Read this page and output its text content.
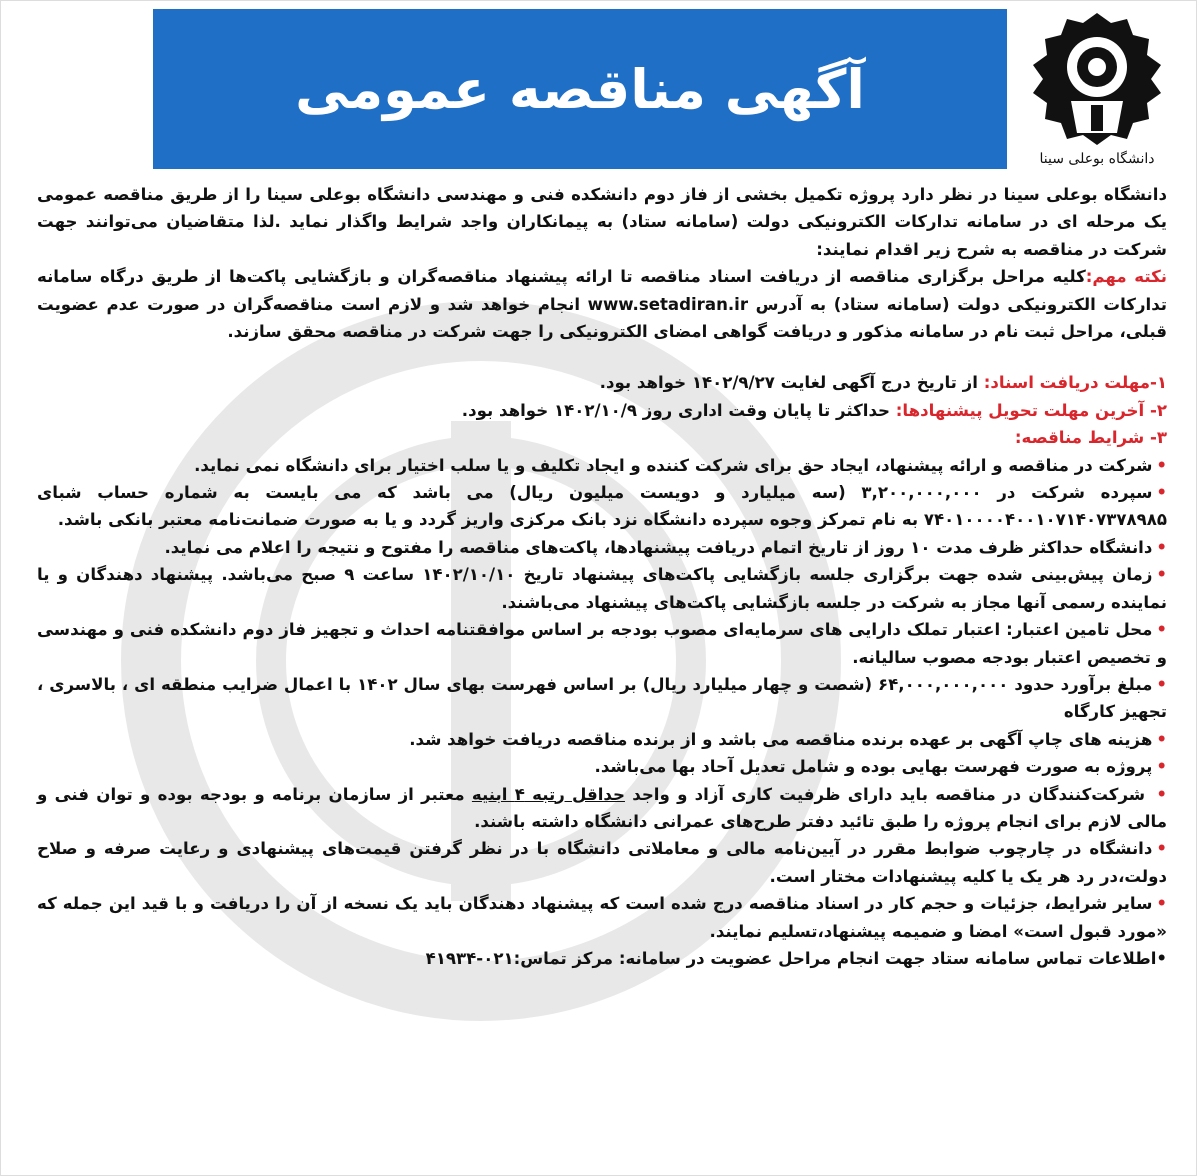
آگهی مناقصه عمومی
دانشگاه بوعلی سینا

دانشگاه بوعلی سینا در نظر دارد پروژه تکمیل بخشی از فاز دوم دانشکده فنی و مهندسی دانشگاه بوعلی سینا را از طریق مناقصه عمومی یک مرحله ای در سامانه تدارکات الکترونیکی دولت (سامانه ستاد) به پیمانکاران واجد شرایط واگذار نماید .لذا متقاضیان می‌توانند جهت شرکت در مناقصه به شرح زیر اقدام نمایند:

نکته مهم:کلیه مراحل برگزاری مناقصه از دریافت اسناد مناقصه تا ارائه پیشنهاد مناقصه‌گران و بازگشایی پاکت‌ها از طریق درگاه سامانه تدارکات الکترونیکی دولت (سامانه ستاد) به آدرس www.setadiran.ir انجام خواهد شد و لازم است مناقصه‌گران در صورت عدم عضویت قبلی، مراحل ثبت نام در سامانه مذکور و دریافت گواهی امضای الکترونیکی را جهت شرکت در مناقصه محقق سازند.

۱-مهلت دریافت اسناد: از تاریخ درج آگهی لغایت ۱۴۰۲/۹/۲۷ خواهد بود.

۲- آخرین مهلت تحویل پیشنهادها: حداکثر تا پایان وقت اداری روز ۱۴۰۲/۱۰/۹ خواهد بود.

۳- شرایط مناقصه:

• شرکت در مناقصه و ارائه پیشنهاد، ایجاد حق برای شرکت کننده و ایجاد تکلیف و یا سلب اختیار برای دانشگاه نمی نماید.

• سپرده شرکت در ۳,۲۰۰,۰۰۰,۰۰۰ (سه میلیارد و دویست میلیون ریال) می باشد که می بایست به شماره حساب شبای ۷۴۰۱۰۰۰۰۴۰۰۱۰۷۱۴۰۷۳۷۸۹۸۵ به نام تمرکز وجوه سپرده دانشگاه نزد بانک مرکزی واریز گردد و یا به صورت ضمانت‌نامه معتبر بانکی باشد.

• دانشگاه حداکثر ظرف مدت ۱۰ روز از تاریخ اتمام دریافت پیشنهادها، پاکت‌های مناقصه را مفتوح و نتیجه را اعلام می نماید.

• زمان پیش‌بینی شده جهت برگزاری جلسه بازگشایی پاکت‌های پیشنهاد تاریخ ۱۴۰۲/۱۰/۱۰ ساعت ۹ صبح می‌باشد. پیشنهاد دهندگان و یا نماینده رسمی آنها مجاز به شرکت در جلسه بازگشایی پاکت‌های پیشنهاد می‌باشند.

• محل تامین اعتبار: اعتبار تملک دارایی های سرمایه‌ای مصوب بودجه بر اساس موافقتنامه احداث و تجهیز فاز دوم دانشکده فنی و مهندسی و تخصیص اعتبار بودجه مصوب سالیانه.

• مبلغ برآورد حدود ۶۴,۰۰۰,۰۰۰,۰۰۰ (شصت و چهار میلیارد ریال) بر اساس فهرست بهای سال ۱۴۰۲ با اعمال ضرایب منطقه ای ، بالاسری ، تجهیز کارگاه

• هزینه های چاپ آگهی بر عهده برنده مناقصه می باشد و از برنده مناقصه دریافت خواهد شد.

• پروژه به صورت فهرست بهایی بوده و شامل تعدیل آحاد بها می‌باشد.

• شرکت‌کنندگان در مناقصه باید دارای ظرفیت کاری آزاد و واجد حداقل رتبه ۴ ابنیه معتبر از سازمان برنامه و بودجه بوده و توان فنی و مالی لازم برای انجام پروژه را طبق تائید دفتر طرح‌های عمرانی دانشگاه داشته باشند.

• دانشگاه در چارچوب ضوابط مقرر در آیین‌نامه مالی و معاملاتی دانشگاه با در نظر گرفتن قیمت‌های پیشنهادی و رعایت صرفه و صلاح دولت،در رد هر یک یا کلیه پیشنهادات مختار است.

• سایر شرایط، جزئیات و حجم کار در اسناد مناقصه درج شده است که پیشنهاد دهندگان باید یک نسخه از آن را دریافت و با قید این جمله که «مورد قبول است» امضا و ضمیمه پیشنهاد،تسلیم نمایند.

•اطلاعات تماس سامانه ستاد جهت انجام مراحل عضویت در سامانه: مرکز تماس:۰۲۱-۴۱۹۳۴
